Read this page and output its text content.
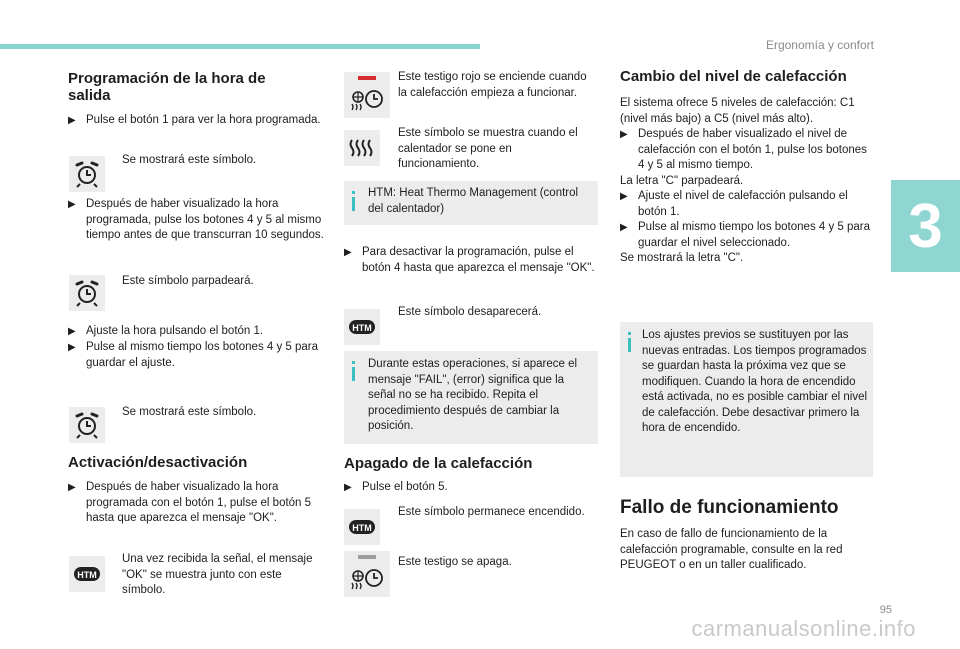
Ergonomía y confort
3
95
carmanualsonline.info
Programación de la hora de salida
▶ Pulse el botón 1 para ver la hora programada.
Se mostrará este símbolo.
▶ Después de haber visualizado la hora programada, pulse los botones 4 y 5 al mismo tiempo antes de que transcurran 10 segundos.
Este símbolo parpadeará.
▶ Ajuste la hora pulsando el botón 1.
▶ Pulse al mismo tiempo los botones 4 y 5 para guardar el ajuste.
Se mostrará este símbolo.
Activación/desactivación
▶ Después de haber visualizado la hora programada con el botón 1, pulse el botón 5 hasta que aparezca el mensaje "OK".
HTM
Una vez recibida la señal, el mensaje "OK" se muestra junto con este símbolo.
Este testigo rojo se enciende cuando la calefacción empieza a funcionar.
Este símbolo se muestra cuando el calentador se pone en funcionamiento.
HTM: Heat Thermo Management (control del calentador)
▶ Para desactivar la programación, pulse el botón 4 hasta que aparezca el mensaje "OK".
HTM
Este símbolo desaparecerá.
Durante estas operaciones, si aparece el mensaje "FAIL", (error) significa que la señal no se ha recibido. Repita el procedimiento después de cambiar la posición.
Apagado de la calefacción
▶ Pulse el botón 5.
HTM
Este símbolo permanece encendido.
Este testigo se apaga.
Cambio del nivel de calefacción
El sistema ofrece 5 niveles de calefacción: C1 (nivel más bajo) a C5 (nivel más alto).
▶ Después de haber visualizado el nivel de calefacción con el botón 1, pulse los botones 4 y 5 al mismo tiempo.
La letra "C" parpadeará.
▶ Ajuste el nivel de calefacción pulsando el botón 1.
▶ Pulse al mismo tiempo los botones 4 y 5 para guardar el nivel seleccionado.
Se mostrará la letra "C".
Los ajustes previos se sustituyen por las nuevas entradas. Los tiempos programados se guardan hasta la próxima vez que se modifiquen. Cuando la hora de encendido está activada, no es posible cambiar el nivel de calefacción. Debe desactivar primero la hora de encendido.
Fallo de funcionamiento
En caso de fallo de funcionamiento de la calefacción programable, consulte en la red PEUGEOT o en un taller cualificado.
